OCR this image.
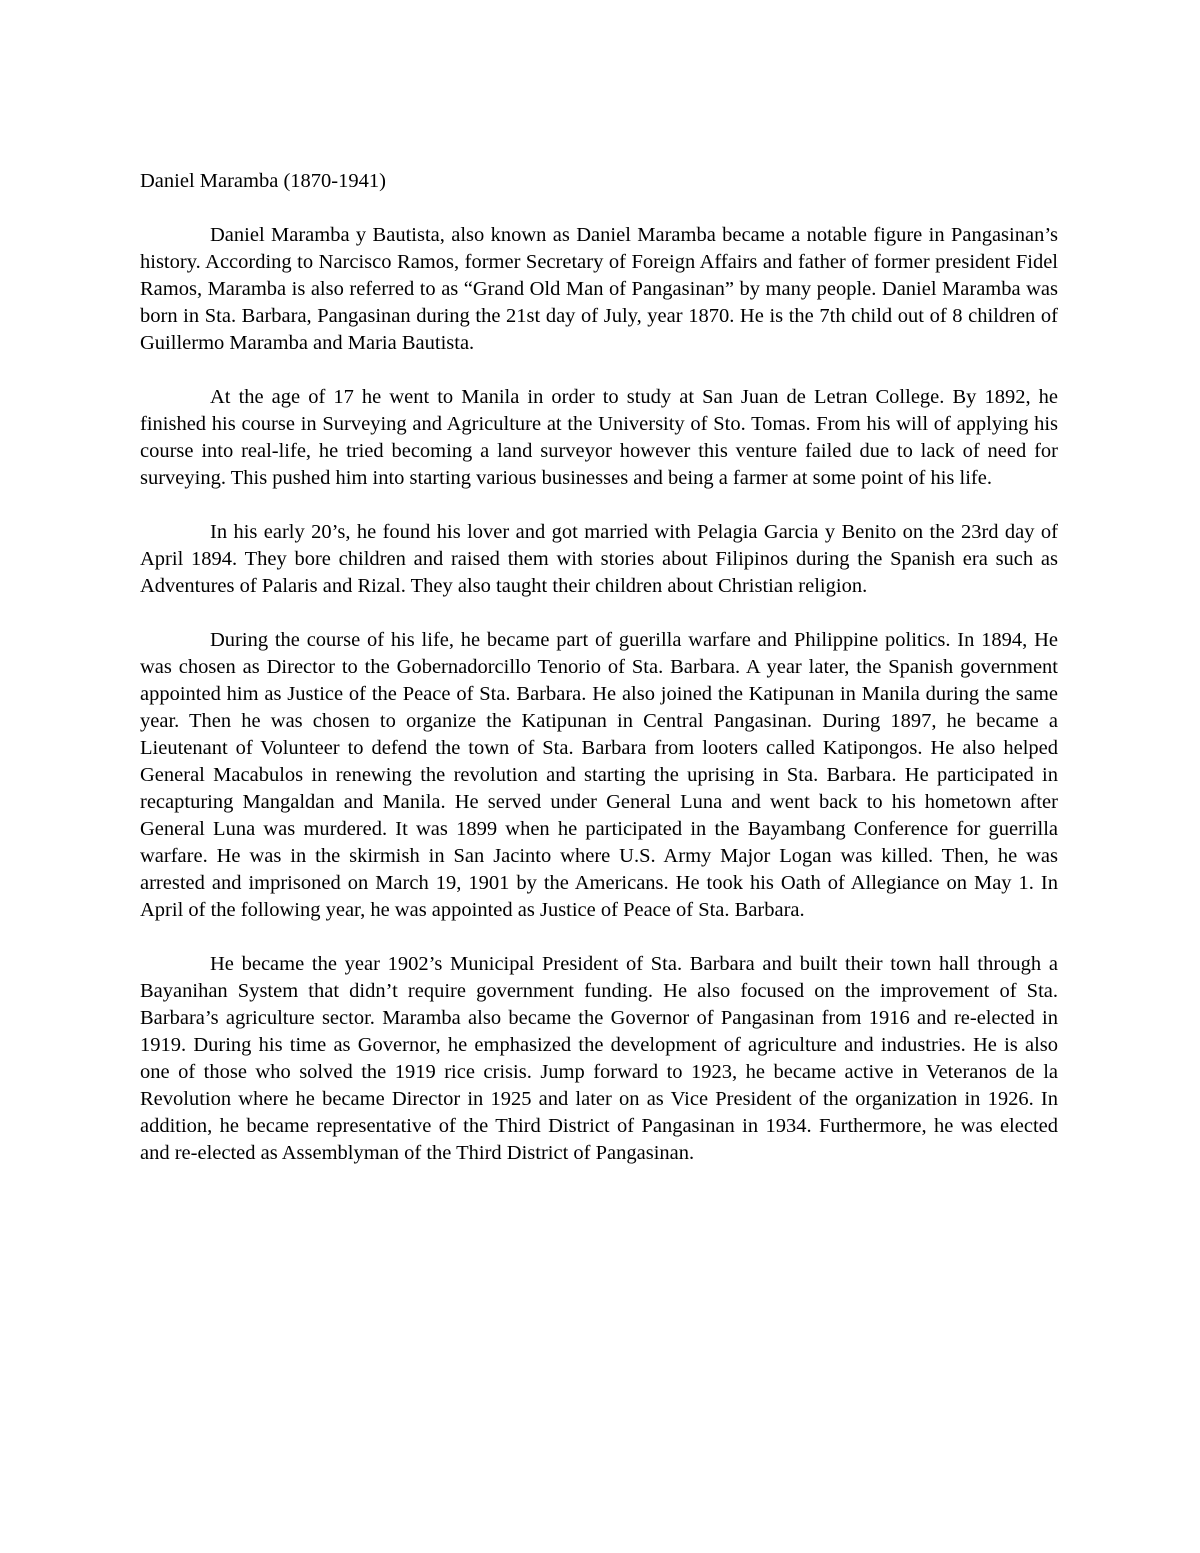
Daniel Maramba (1870-1941)

Daniel Maramba y Bautista, also known as Daniel Maramba became a notable figure in Pangasinan’s history. According to Narcisco Ramos, former Secretary of Foreign Affairs and father of former president Fidel Ramos, Maramba is also referred to as “Grand Old Man of Pangasinan” by many people. Daniel Maramba was born in Sta. Barbara, Pangasinan during the 21st day of July, year 1870. He is the 7th child out of 8 children of Guillermo Maramba and Maria Bautista.

At the age of 17 he went to Manila in order to study at San Juan de Letran College. By 1892, he finished his course in Surveying and Agriculture at the University of Sto. Tomas. From his will of applying his course into real-life, he tried becoming a land surveyor however this venture failed due to lack of need for surveying. This pushed him into starting various businesses and being a farmer at some point of his life.

In his early 20’s, he found his lover and got married with Pelagia Garcia y Benito on the 23rd day of April 1894. They bore children and raised them with stories about Filipinos during the Spanish era such as Adventures of Palaris and Rizal. They also taught their children about Christian religion.

During the course of his life, he became part of guerilla warfare and Philippine politics. In 1894, He was chosen as Director to the Gobernadorcillo Tenorio of Sta. Barbara. A year later, the Spanish government appointed him as Justice of the Peace of Sta. Barbara. He also joined the Katipunan in Manila during the same year. Then he was chosen to organize the Katipunan in Central Pangasinan. During 1897, he became a Lieutenant of Volunteer to defend the town of Sta. Barbara from looters called Katipongos. He also helped General Macabulos in renewing the revolution and starting the uprising in Sta. Barbara. He participated in recapturing Mangaldan and Manila. He served under General Luna and went back to his hometown after General Luna was murdered. It was 1899 when he participated in the Bayambang Conference for guerrilla warfare. He was in the skirmish in San Jacinto where U.S. Army Major Logan was killed. Then, he was arrested and imprisoned on March 19, 1901 by the Americans. He took his Oath of Allegiance on May 1. In April of the following year, he was appointed as Justice of Peace of Sta. Barbara.

He became the year 1902’s Municipal President of Sta. Barbara and built their town hall through a Bayanihan System that didn’t require government funding. He also focused on the improvement of Sta. Barbara’s agriculture sector. Maramba also became the Governor of Pangasinan from 1916 and re-elected in 1919. During his time as Governor, he emphasized the development of agriculture and industries. He is also one of those who solved the 1919 rice crisis. Jump forward to 1923, he became active in Veteranos de la Revolution where he became Director in 1925 and later on as Vice President of the organization in 1926. In addition, he became representative of the Third District of Pangasinan in 1934. Furthermore, he was elected and re-elected as Assemblyman of the Third District of Pangasinan.
